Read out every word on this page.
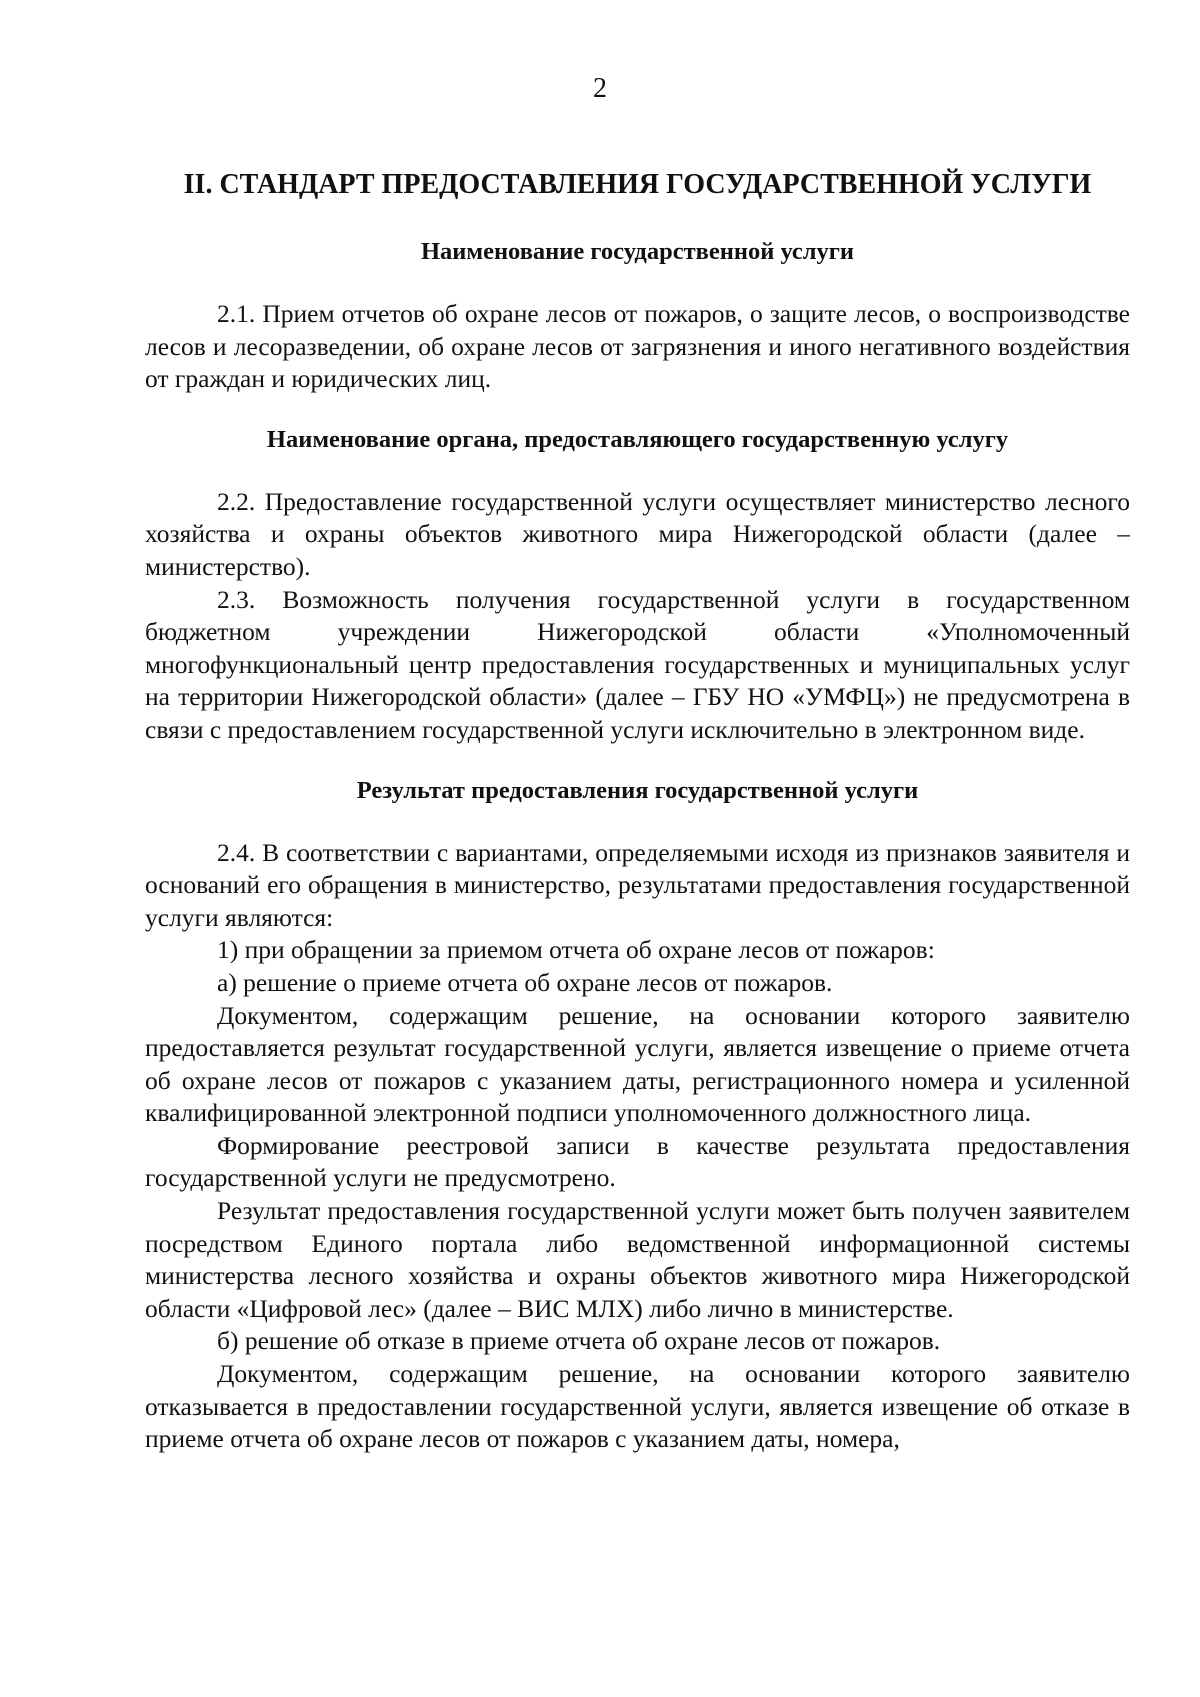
2
II. СТАНДАРТ ПРЕДОСТАВЛЕНИЯ ГОСУДАРСТВЕННОЙ УСЛУГИ
Наименование государственной услуги

2.1. Прием отчетов об охране лесов от пожаров, о защите лесов, о воспроизводстве лесов и лесоразведении, об охране лесов от загрязнения и иного негативного воздействия от граждан и юридических лиц.

Наименование органа, предоставляющего государственную услугу

2.2. Предоставление государственной услуги осуществляет министерство лесного хозяйства и охраны объектов животного мира Нижегородской области (далее – министерство).

2.3. Возможность получения государственной услуги в государственном бюджетном учреждении Нижегородской области «Уполномоченный многофункциональный центр предоставления государственных и муниципальных услуг на территории Нижегородской области» (далее – ГБУ НО «УМФЦ») не предусмотрена в связи с предоставлением государственной услуги исключительно в электронном виде.

Результат предоставления государственной услуги

2.4. В соответствии с вариантами, определяемыми исходя из признаков заявителя и оснований его обращения в министерство, результатами предоставления государственной услуги являются:

1) при обращении за приемом отчета об охране лесов от пожаров:

а) решение о приеме отчета об охране лесов от пожаров.

Документом, содержащим решение, на основании которого заявителю предоставляется результат государственной услуги, является извещение о приеме отчета об охране лесов от пожаров с указанием даты, регистрационного номера и усиленной квалифицированной электронной подписи уполномоченного должностного лица.

Формирование реестровой записи в качестве результата предоставления государственной услуги не предусмотрено.

Результат предоставления государственной услуги может быть получен заявителем посредством Единого портала либо ведомственной информационной системы министерства лесного хозяйства и охраны объектов животного мира Нижегородской области «Цифровой лес» (далее – ВИС МЛХ) либо лично в министерстве.

б) решение об отказе в приеме отчета об охране лесов от пожаров.

Документом, содержащим решение, на основании которого заявителю отказывается в предоставлении государственной услуги, является извещение об отказе в приеме отчета об охране лесов от пожаров с указанием даты, номера,
